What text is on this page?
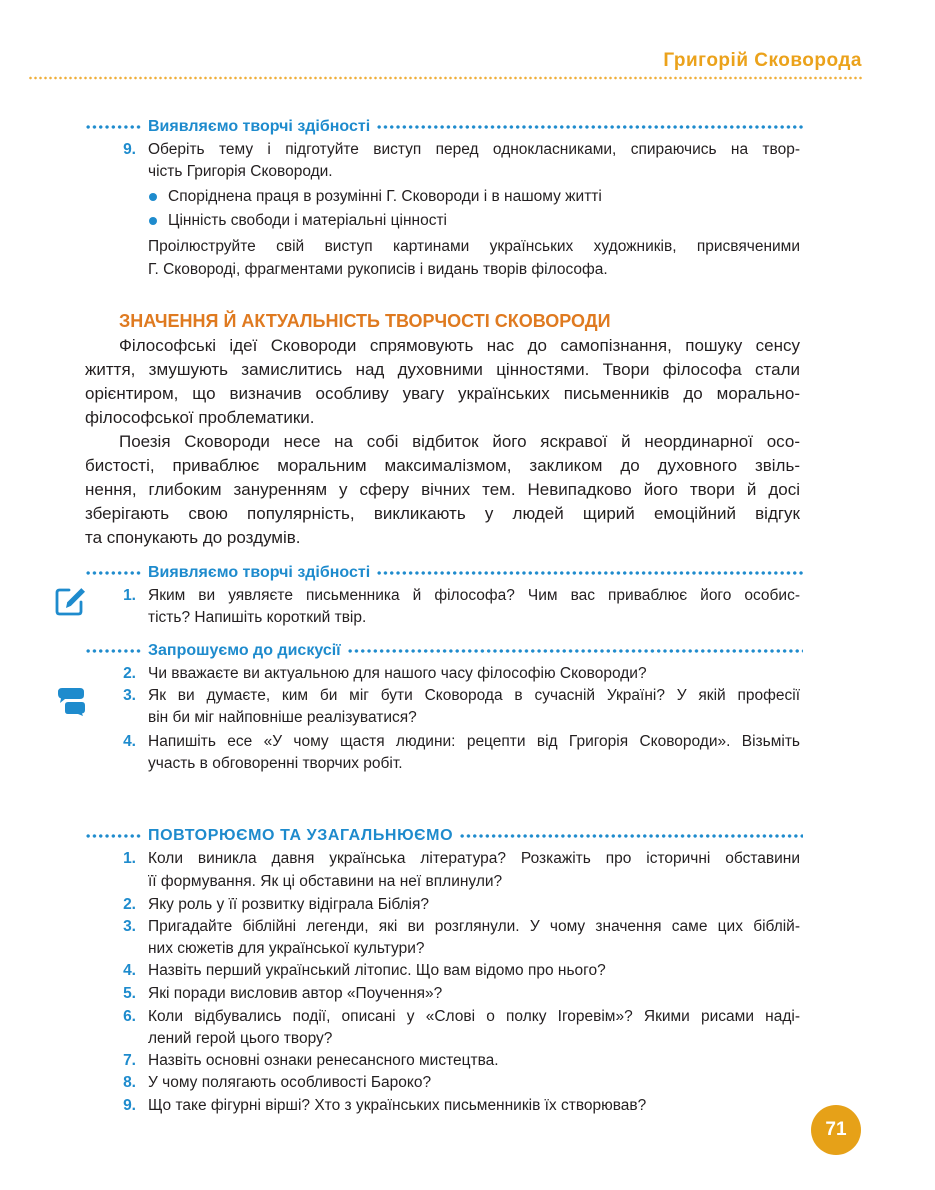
Григорій Сковорода
Виявляємо творчі здібності
9. Оберіть тему і підготуйте виступ перед однокласниками, спираючись на твор-
чість Григорія Сковороди.
Споріднена праця в розумінні Г. Сковороди і в нашому житті
Цінність свободи і матеріальні цінності
Проілюструйте свій виступ картинами українських художників, присвяченими
Г. Сковороді, фрагментами рукописів і видань творів філософа.
ЗНАЧЕННЯ Й АКТУАЛЬНІСТЬ ТВОРЧОСТІ СКОВОРОДИ
Філософські ідеї Сковороди спрямовують нас до самопізнання, пошуку сенсу
життя, змушують замислитись над духовними цінностями. Твори філософа стали
орієнтиром, що визначив особливу увагу українських письменників до морально-
філософської проблематики.
Поезія Сковороди несе на собі відбиток його яскравої й неординарної осо-
бистості, приваблює моральним максималізмом, закликом до духовного звіль-
нення, глибоким зануренням у сферу вічних тем. Невипадково його твори й досі
зберігають свою популярність, викликають у людей щирий емоційний відгук
та спонукають до роздумів.
Виявляємо творчі здібності
1. Яким ви уявляєте письменника й філософа? Чим вас приваблює його особис-
тість? Напишіть короткий твір.
Запрошуємо до дискусії
2. Чи вважаєте ви актуальною для нашого часу філософію Сковороди?
3. Як ви думаєте, ким би міг бути Сковорода в сучасній Україні? У якій професії
він би міг найповніше реалізуватися?
4. Напишіть есе «У чому щастя людини: рецепти від Григорія Сковороди». Візьміть
участь в обговоренні творчих робіт.
ПОВТОРЮЄМО ТА УЗАГАЛЬНЮЄМО
1. Коли виникла давня українська література? Розкажіть про історичні обставини
її формування. Як ці обставини на неї вплинули?
2. Яку роль у її розвитку відіграла Біблія?
3. Пригадайте біблійні легенди, які ви розглянули. У чому значення саме цих біблій-
них сюжетів для української культури?
4. Назвіть перший український літопис. Що вам відомо про нього?
5. Які поради висловив автор «Поучення»?
6. Коли відбувались події, описані у «Слові о полку Ігоревім»? Якими рисами наді-
лений герой цього твору?
7. Назвіть основні ознаки ренесансного мистецтва.
8. У чому полягають особливості Бароко?
9. Що таке фігурні вірші? Хто з українських письменників їх створював?
71
